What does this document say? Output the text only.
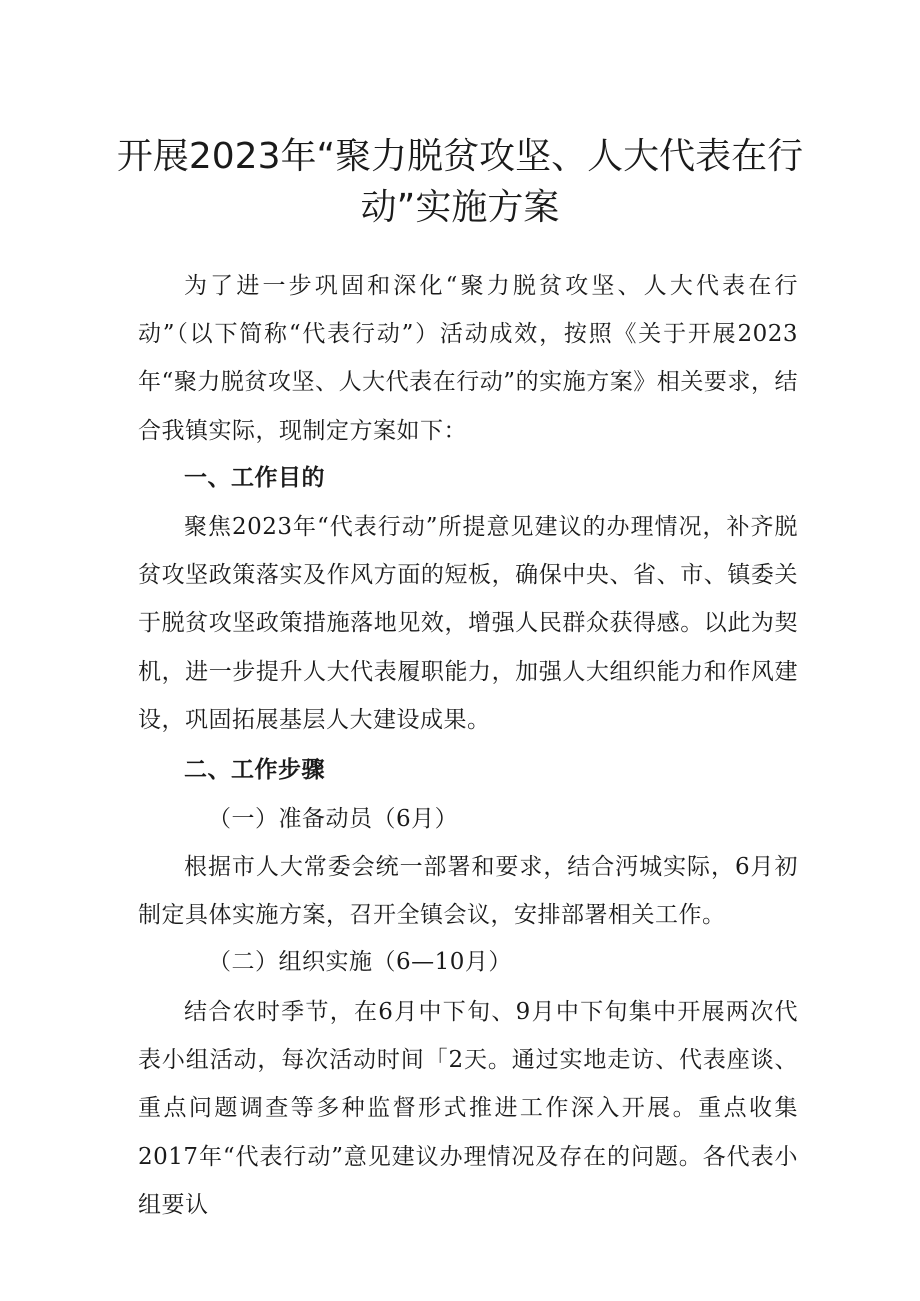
开展2023年“聚力脱贫攻坚、人大代表在行
动”实施方案

为了进一步巩固和深化“聚力脱贫攻坚、人大代表在行动”（以下简称“代表行动”）活动成效，按照《关于开展2023年“聚力脱贫攻坚、人大代表在行动”的实施方案》相关要求，结合我镇实际，现制定方案如下：

一、工作目的

聚焦2023年“代表行动”所提意见建议的办理情况，补齐脱贫攻坚政策落实及作风方面的短板，确保中央、省、市、镇委关于脱贫攻坚政策措施落地见效，增强人民群众获得感。以此为契机，进一步提升人大代表履职能力，加强人大组织能力和作风建设，巩固拓展基层人大建设成果。

二、工作步骤

（一）准备动员（6月）

根据市人大常委会统一部署和要求，结合沔城实际，6月初制定具体实施方案，召开全镇会议，安排部署相关工作。

（二）组织实施（6—10月）

结合农时季节，在6月中下旬、9月中下旬集中开展两次代表小组活动，每次活动时间「2天。通过实地走访、代表座谈、重点问题调查等多种监督形式推进工作深入开展。重点收集2017年“代表行动”意见建议办理情况及存在的问题。各代表小组要认
